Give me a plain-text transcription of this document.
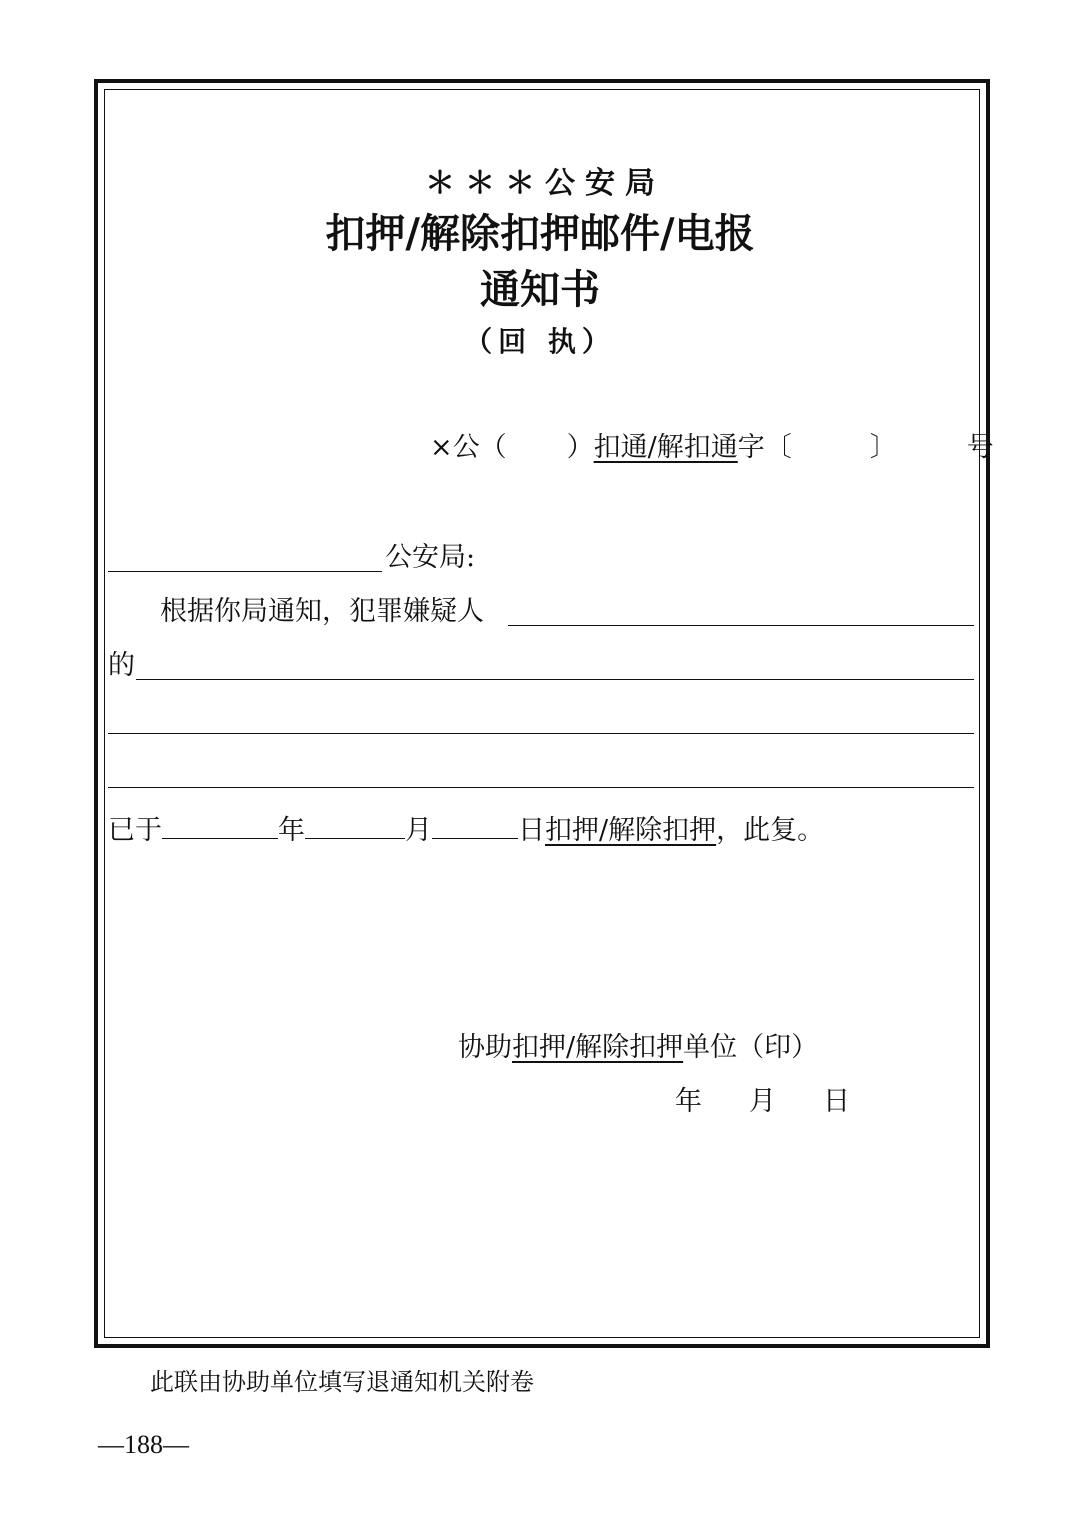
＊＊＊公安局
扣押/解除扣押邮件/电报
通知书
（回 执）
×公（ ）扣通/解扣通字〔	〕	号
公安局:
根据你局通知，犯罪嫌疑人
的
已于	年	月	日扣押/解除扣押，此复。
协助扣押/解除扣押单位（印）
年 月 日
此联由协助单位填写退通知机关附卷
—188—
